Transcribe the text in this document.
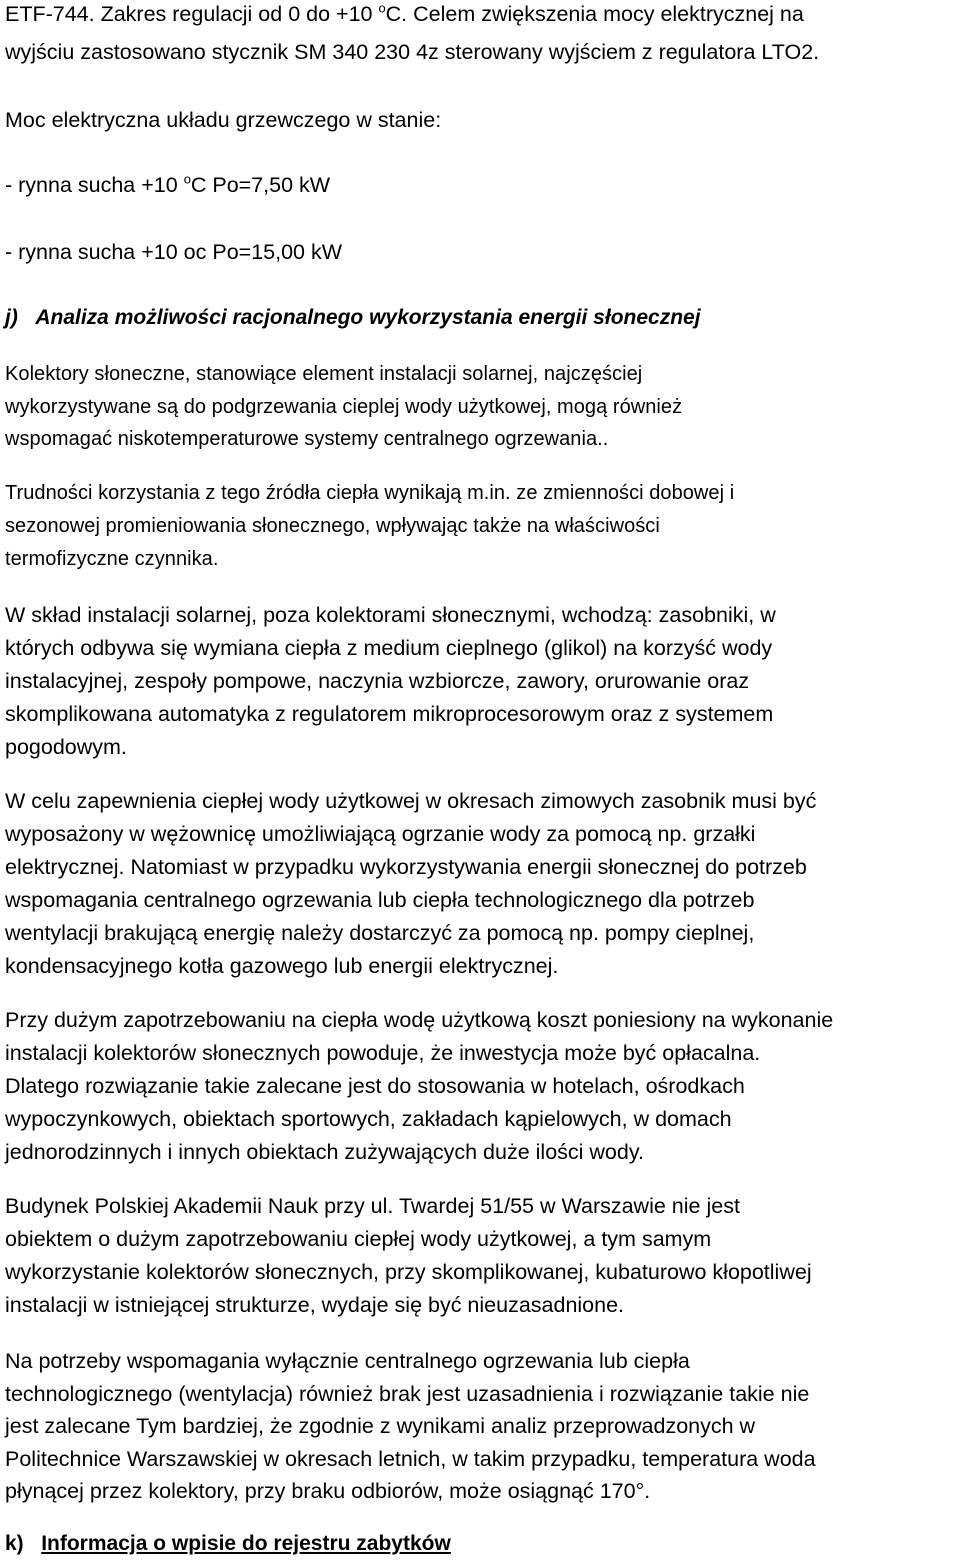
ETF-744. Zakres regulacji od 0 do +10 $^o$C. Celem zwiększenia mocy elektrycznej na

wyjściu zastosowano stycznik SM 340 230 4z sterowany wyjściem z regulatora LTO2.

Moc elektryczna układu grzewczego w stanie:

- rynna sucha +10 $^o$C Po=7,50 kW

- rynna sucha +10 oc Po=15,00 kW

j) Analiza możliwości racjonalnego wykorzystania energii słonecznej

Kolektory słoneczne, stanowiące element instalacji solarnej, najczęściej

wykorzystywane są do podgrzewania cieplej wody użytkowej, mogą również

wspomagać niskotemperaturowe systemy centralnego ogrzewania..

Trudności korzystania z tego źródła ciepła wynikają m.in. ze zmienności dobowej i

sezonowej promieniowania słonecznego, wpływając także na właściwości

termofizyczne czynnika.

W skład instalacji solarnej, poza kolektorami słonecznymi, wchodzą: zasobniki, w

których odbywa się wymiana ciepła z medium cieplnego (glikol) na korzyść wody

instalacyjnej, zespoły pompowe, naczynia wzbiorcze, zawory, orurowanie oraz

skomplikowana automatyka z regulatorem mikroprocesorowym oraz z systemem

pogodowym.

W celu zapewnienia ciepłej wody użytkowej w okresach zimowych zasobnik musi być

wyposażony w wężownicę umożliwiającą ogrzanie wody za pomocą np. grzałki

elektrycznej. Natomiast w przypadku wykorzystywania energii słonecznej do potrzeb

wspomagania centralnego ogrzewania lub ciepła technologicznego dla potrzeb

wentylacji brakującą energię należy dostarczyć za pomocą np. pompy cieplnej,

kondensacyjnego kotła gazowego lub energii elektrycznej.

Przy dużym zapotrzebowaniu na ciepła wodę użytkową koszt poniesiony na wykonanie

instalacji kolektorów słonecznych powoduje, że inwestycja może być opłacalna.

Dlatego rozwiązanie takie zalecane jest do stosowania w hotelach, ośrodkach

wypoczynkowych, obiektach sportowych, zakładach kąpielowych, w domach

jednorodzinnych i innych obiektach zużywających duże ilości wody.

Budynek Polskiej Akademii Nauk przy ul. Twardej 51/55 w Warszawie nie jest

obiektem o dużym zapotrzebowaniu ciepłej wody użytkowej, a tym samym

wykorzystanie kolektorów słonecznych, przy skomplikowanej, kubaturowo kłopotliwej

instalacji w istniejącej strukturze, wydaje się być nieuzasadnione.

Na potrzeby wspomagania wyłącznie centralnego ogrzewania lub ciepła

technologicznego (wentylacja) również brak jest uzasadnienia i rozwiązanie takie nie

jest zalecane Tym bardziej, że zgodnie z wynikami analiz przeprowadzonych w

Politechnice Warszawskiej w okresach letnich, w takim przypadku, temperatura woda

płynącej przez kolektory, przy braku odbiorów, może osiągnąć 170°.

k) Informacja o wpisie do rejestru zabytków
